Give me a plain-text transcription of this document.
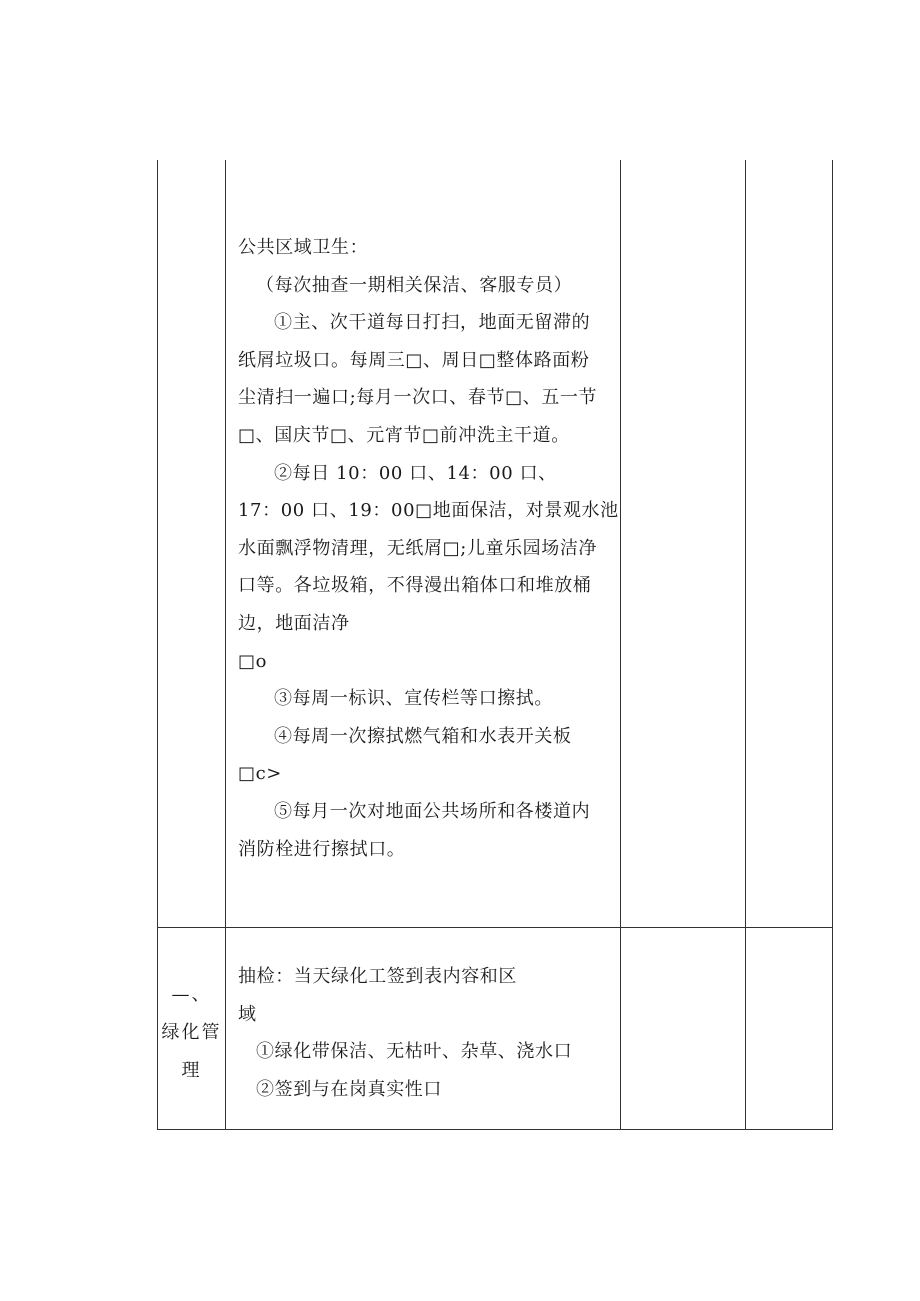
公共区域卫生：
（每次抽查一期相关保洁、客服专员）
①主、次干道每日打扫，地面无留滞的
纸屑垃圾口。每周三□、周日□整体路面粉
尘清扫一遍口;每月一次口、春节□、五一节
□、国庆节□、元宵节□前冲洗主干道。
②每日 10：00 口、14：00 口、
17：00 口、19：00□地面保洁，对景观水池
水面飘浮物清理，无纸屑□;儿童乐园场洁净
口等。各垃圾箱，不得漫出箱体口和堆放桶
边，地面洁净
□o
③每周一标识、宣传栏等口擦拭。
④每周一次擦拭燃气箱和水表开关板
□c>
⑤每月一次对地面公共场所和各楼道内
消防栓进行擦拭口。
—、
绿化管
理
抽检：当天绿化工签到表内容和区
域
①绿化带保洁、无枯叶、杂草、浇水口
②签到与在岗真实性口
